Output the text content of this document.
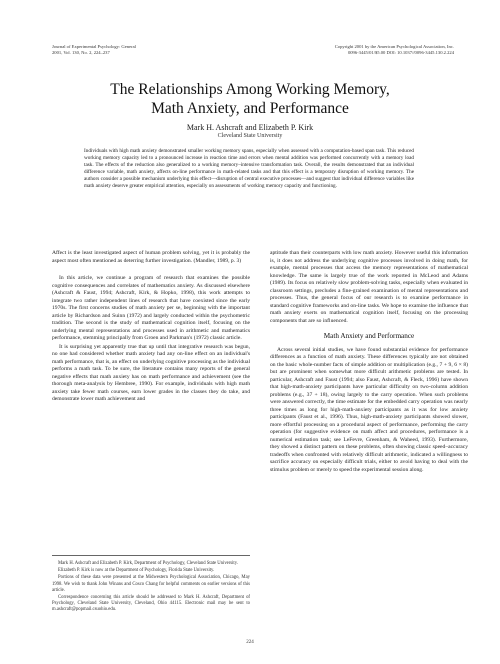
Journal of Experimental Psychology: General
2001, Vol. 130, No. 2, 224–237
Copyright 2001 by the American Psychological Association, Inc.
0096-3445/01/$5.00 DOI: 10.1037//0096-3445.130.2.224
The Relationships Among Working Memory,
Math Anxiety, and Performance
Mark H. Ashcraft and Elizabeth P. Kirk
Cleveland State University
Individuals with high math anxiety demonstrated smaller working memory spans, especially when assessed with a computation-based span task. This reduced working memory capacity led to a pronounced increase in reaction time and errors when mental addition was performed concurrently with a memory load task. The effects of the reduction also generalized to a working memory–intensive transformation task. Overall, the results demonstrated that an individual difference variable, math anxiety, affects on-line performance in math-related tasks and that this effect is a temporary disruption of working memory. The authors consider a possible mechanism underlying this effect—disruption of central executive processes—and suggest that individual difference variables like math anxiety deserve greater empirical attention, especially on assessments of working memory capacity and functioning.

Affect is the least investigated aspect of human problem solving, yet it is probably the aspect most often mentioned as deterring further investigation. (Mandler, 1989, p. 3)

In this article, we continue a program of research that examines the possible cognitive consequences and correlates of mathematics anxiety. As discussed elsewhere (Ashcraft & Faust, 1994; Ashcraft, Kirk, & Hopko, 1998), this work attempts to integrate two rather independent lines of research that have coexisted since the early 1970s. The first concerns studies of math anxiety per se, beginning with the important article by Richardson and Suinn (1972) and largely conducted within the psychometric tradition. The second is the study of mathematical cognition itself, focusing on the underlying mental representations and processes used in arithmetic and mathematics performance, stemming principally from Groen and Parkman's (1972) classic article.

It is surprising yet apparently true that up until that integrative research was begun, no one had considered whether math anxiety had any on-line effect on an individual's math performance, that is, an effect on underlying cognitive processing as the individual performs a math task. To be sure, the literature contains many reports of the general negative effects that math anxiety has on math performance and achievement (see the thorough meta-analysis by Hembree, 1990). For example, individuals with high math anxiety take fewer math courses, earn lower grades in the classes they do take, and demonstrate lower math achievement and

aptitude than their counterparts with low math anxiety. However useful this information is, it does not address the underlying cognitive processes involved in doing math, for example, mental processes that access the memory representations of mathematical knowledge. The same is largely true of the work reported in McLeod and Adams (1989). Its focus on relatively slow problem-solving tasks, especially when evaluated in classroom settings, precludes a fine-grained examination of mental representations and processes. Thus, the general focus of our research is to examine performance in standard cognitive frameworks and on-line tasks. We hope to examine the influence that math anxiety exerts on mathematical cognition itself, focusing on the processing components that are so influenced.

Math Anxiety and Performance

Across several initial studies, we have found substantial evidence for performance differences as a function of math anxiety. These differences typically are not obtained on the basic whole-number facts of simple addition or multiplication (e.g., 7 + 9, 6 × 8) but are prominent when somewhat more difficult arithmetic problems are tested. In particular, Ashcraft and Faust (1994; also Faust, Ashcraft, & Fleck, 1996) have shown that high-math-anxiety participants have particular difficulty on two-column addition problems (e.g., 37 + 18), owing largely to the carry operation. When such problems were answered correctly, the time estimate for the embedded carry operation was nearly three times as long for high-math-anxiety participants as it was for low anxiety participants (Faust et al., 1996). Thus, high-math-anxiety participants showed slower, more effortful processing on a procedural aspect of performance, performing the carry operation (for suggestive evidence on math affect and procedures, performance is a numerical estimation task; see LeFevre, Greenham, & Waheed, 1993). Furthermore, they showed a distinct pattern on these problems, often showing classic speed–accuracy tradeoffs when confronted with relatively difficult arithmetic, indicated a willingness to sacrifice accuracy on especially difficult trials, either to avoid having to deal with the stimulus problem or merely to speed the experimental session along.

Mark H. Ashcraft and Elizabeth P. Kirk, Department of Psychology, Cleveland State University.

Elizabeth P. Kirk is now at the Department of Psychology, Florida State University.

Portions of these data were presented at the Midwestern Psychological Association, Chicago, May 1998. We wish to thank John Winans and Cosco Chang for helpful comments on earlier versions of this article.

Correspondence concerning this article should be addressed to Mark H. Ashcraft, Department of Psychology, Cleveland State University, Cleveland, Ohio 44115. Electronic mail may be sent to m.ashcraft@popmail.csuohio.edu.

224
